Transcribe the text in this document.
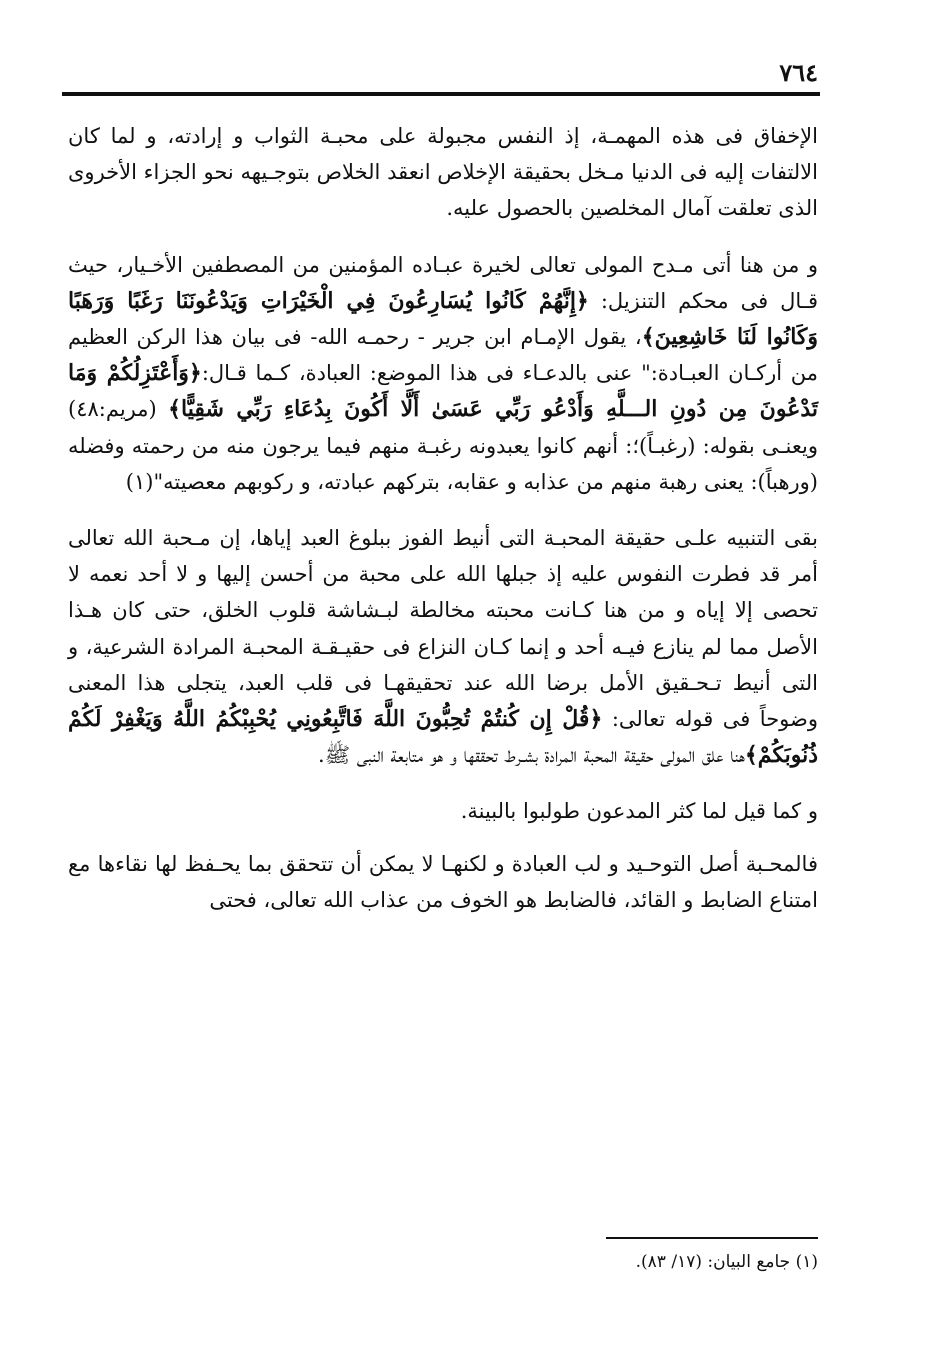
٧٦٤

الإخفاق فى هذه المهمـة، إذ النفس مجبولة على محبـة الثواب و إرادته، و لما كان الالتفات إليه فى الدنيا مـخل بحقيقة الإخلاص انعقد الخلاص بتوجـيهه نحو الجزاء الأخروى الذى تعلقت آمال المخلصين بالحصول عليه.

و من هنا أتى مـدح المولى تعالى لخيرة عبـاده المؤمنين من المصطفين الأخـيار، حيث قـال فى محكم التنزيل: ﴿إِنَّهُمْ كَانُوا يُسَارِعُونَ فِي الْخَيْرَاتِ وَيَدْعُونَنَا رَغَبًا وَرَهَبًا وَكَانُوا لَنَا خَاشِعِينَ﴾، يقول الإمـام ابن جرير - رحمـه الله- فى بيان هذا الركن العظيم من أركـان العبـادة:" عنى بالدعـاء فى هذا الموضع: العبادة، كـما قـال:﴿وَأَعْتَزِلُكُمْ وَمَا تَدْعُونَ مِن دُونِ الـــلَّهِ وَأَدْعُو رَبِّي عَسَىٰ أَلَّا أَكُونَ بِدُعَاءِ رَبِّي شَقِيًّا﴾ (مريم:٤٨) ويعنـى بقوله: (رغبـاً)؛: أنهم كانوا يعبدونه رغبـة منهم فيما يرجون منه من رحمته وفضله (ورهباً): يعنى رهبة منهم من عذابه و عقابه، بتركهم عبادته، و ركوبهم معصيته"(١)

بقى التنبيه علـى حقيقة المحبـة التى أنيط الفوز ببلوغ العبد إياها، إن مـحبة الله تعالى أمر قد فطرت النفوس عليه إذ جبلها الله على محبة من أحسن إليها و لا أحد نعمه لا تحصى إلا إياه و من هنا كـانت محبته مخالطة لبـشاشة قلوب الخلق، حتى كان هـذا الأصل مما لم ينازع فيـه أحد و إنما كـان النزاع فى حقيـقـة المحبـة المرادة الشرعية، و التى أنيط تـحـقيق الأمل برضا الله عند تحقيقهـا فى قلب العبد، يتجلى هذا المعنى وضوحاً فى قوله تعالى: ﴿قُلْ إِن كُنتُمْ تُحِبُّونَ اللَّهَ فَاتَّبِعُونِي يُحْبِبْكُمُ اللَّهُ وَيَغْفِرْ لَكُمْ ذُنُوبَكُمْ﴾هنا علق المولى حقيقة المحبة المرادة بشـرط تحققها و هو متابعة النبى ﷺ.

و كما قيل لما كثر المدعون طولبوا بالبينة.

فالمحـبة أصل التوحـيد و لب العبادة و لكنهـا لا يمكن أن تتحقق بما يحـفظ لها نقاءها مع امتناع الضابط و القائد، فالضابط هو الخوف من عذاب الله تعالى، فحتى

(١) جامع البيان: (١٧/ ٨٣).
